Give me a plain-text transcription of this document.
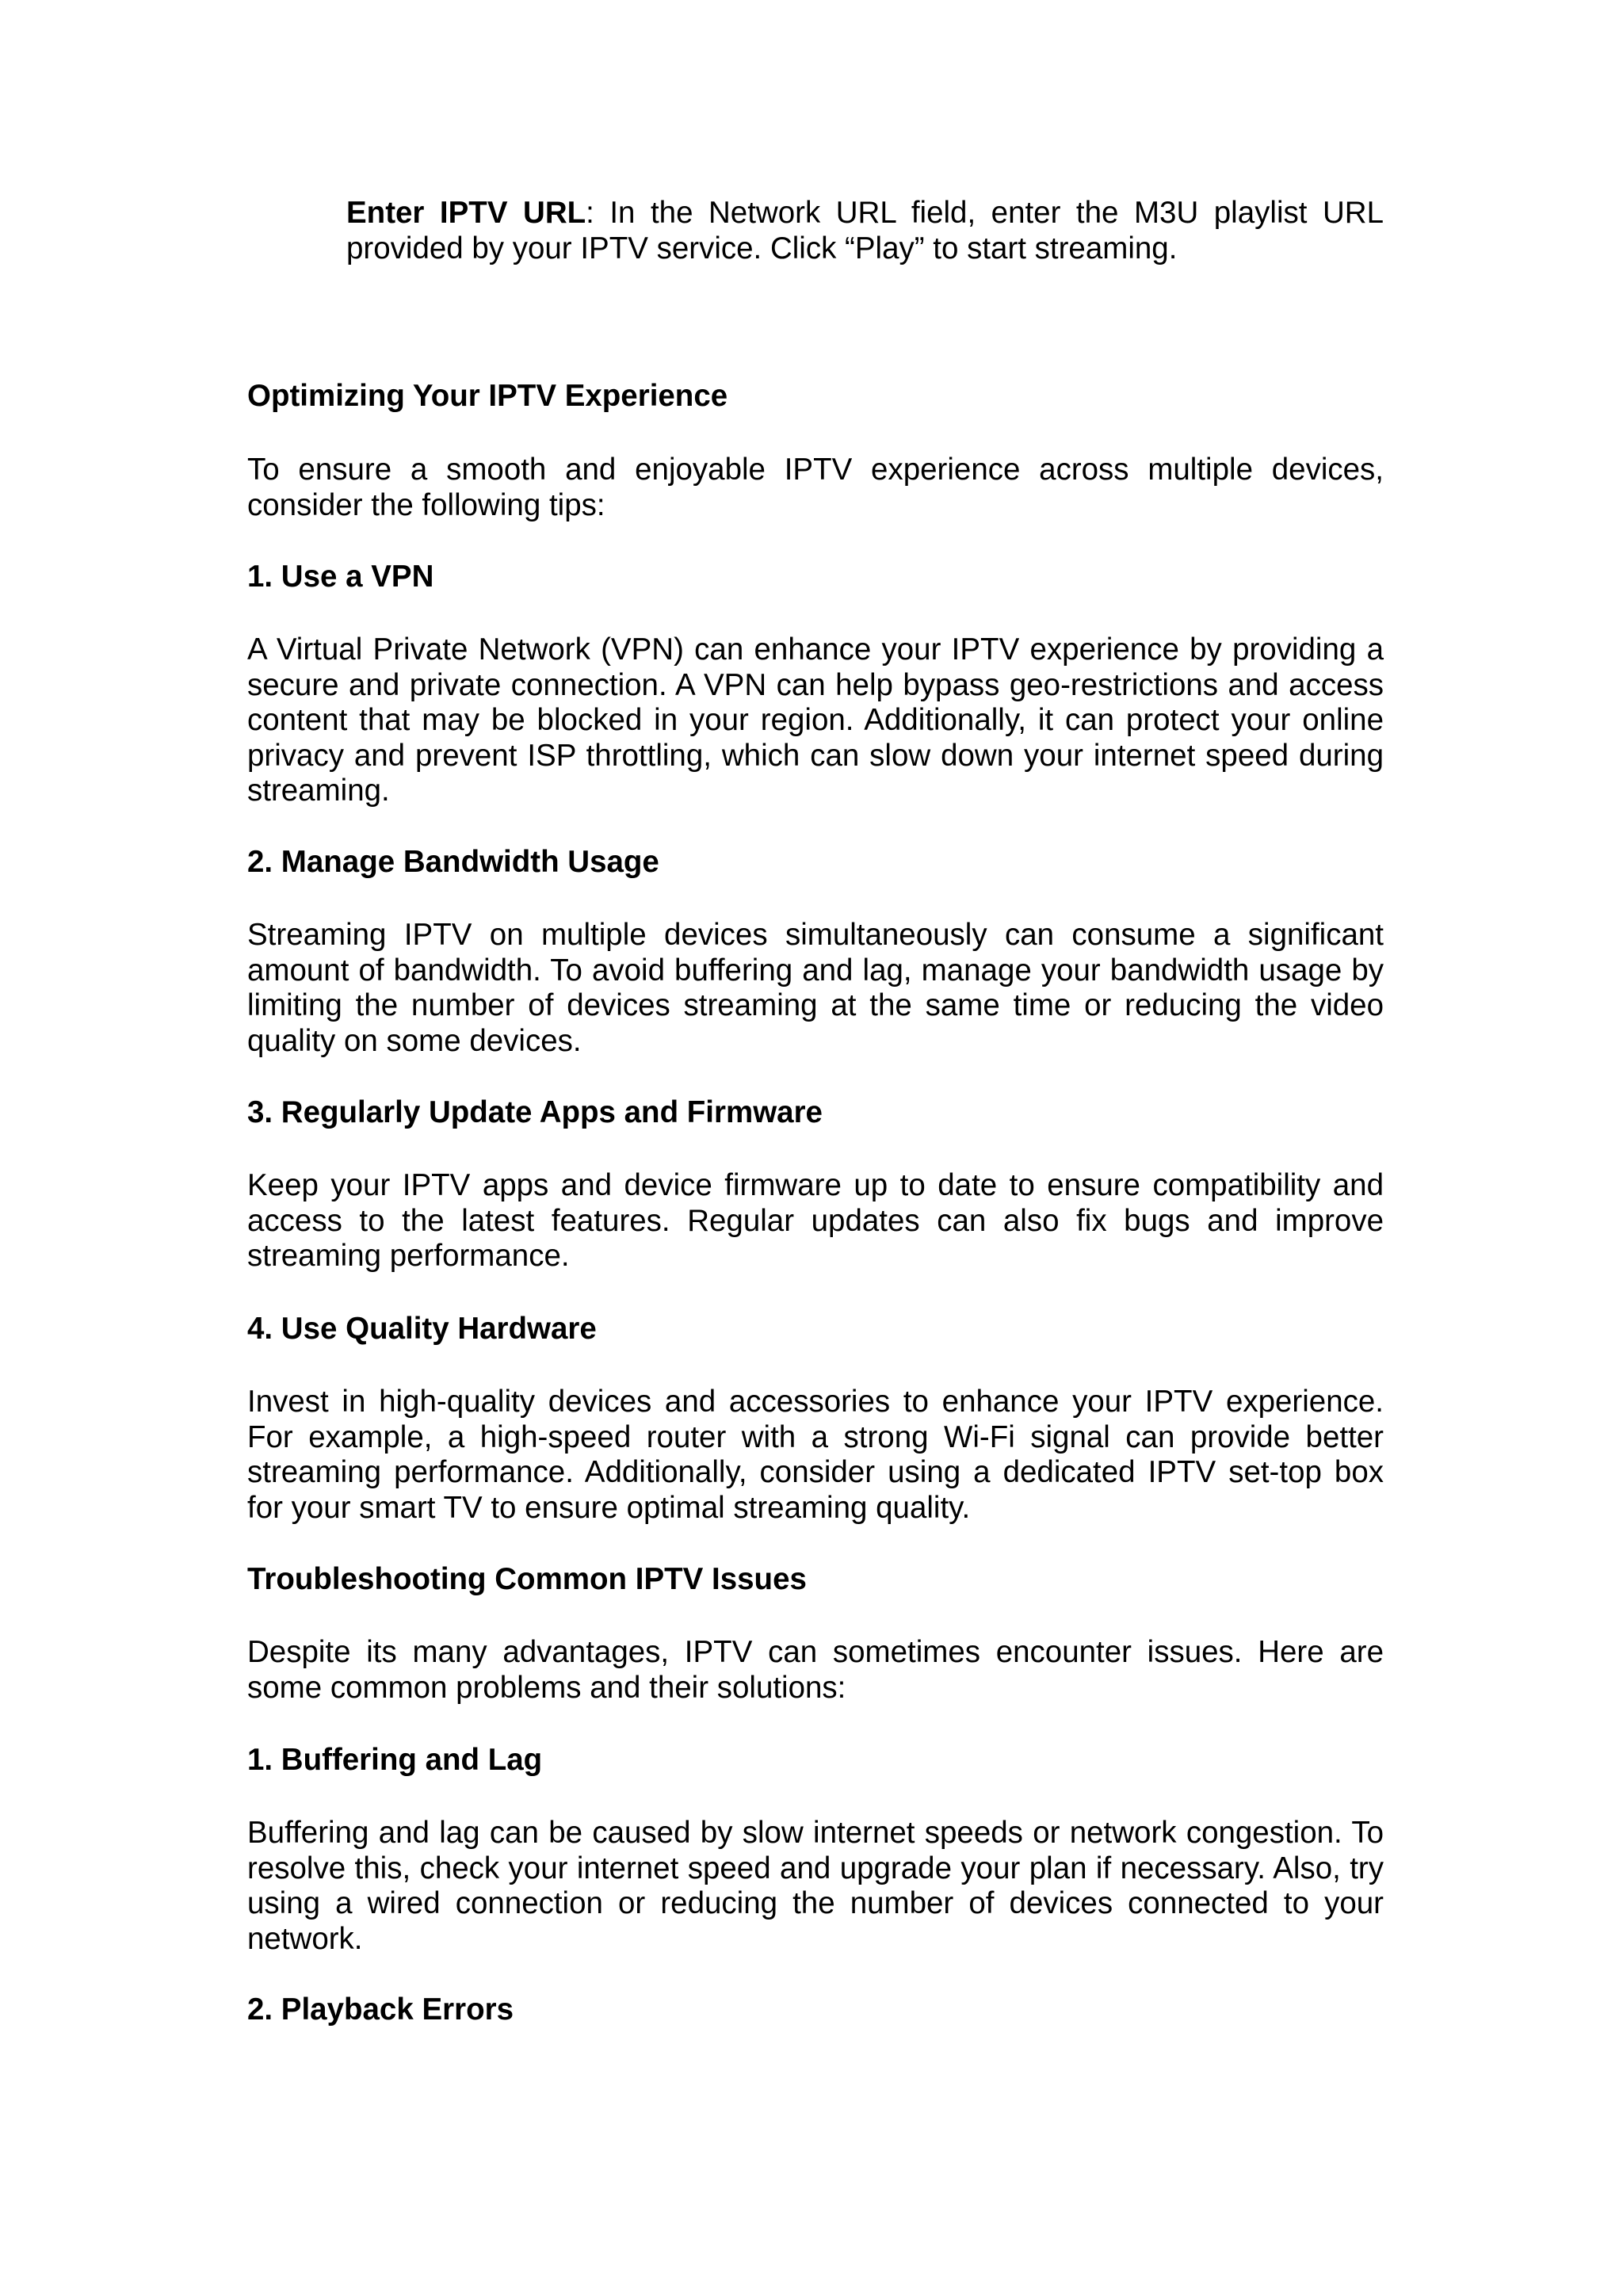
Enter IPTV URL: In the Network URL field, enter the M3U playlist URL provided by your IPTV service. Click “Play” to start streaming.

Optimizing Your IPTV Experience

To ensure a smooth and enjoyable IPTV experience across multiple devices, consider the following tips:

1. Use a VPN

A Virtual Private Network (VPN) can enhance your IPTV experience by providing a secure and private connection. A VPN can help bypass geo-restrictions and access content that may be blocked in your region. Additionally, it can protect your online privacy and prevent ISP throttling, which can slow down your internet speed during streaming.

2. Manage Bandwidth Usage

Streaming IPTV on multiple devices simultaneously can consume a significant amount of bandwidth. To avoid buffering and lag, manage your bandwidth usage by limiting the number of devices streaming at the same time or reducing the video quality on some devices.

3. Regularly Update Apps and Firmware

Keep your IPTV apps and device firmware up to date to ensure compatibility and access to the latest features. Regular updates can also fix bugs and improve streaming performance.

4. Use Quality Hardware

Invest in high-quality devices and accessories to enhance your IPTV experience. For example, a high-speed router with a strong Wi-Fi signal can provide better streaming performance. Additionally, consider using a dedicated IPTV set-top box for your smart TV to ensure optimal streaming quality.

Troubleshooting Common IPTV Issues

Despite its many advantages, IPTV can sometimes encounter issues. Here are some common problems and their solutions:

1. Buffering and Lag

Buffering and lag can be caused by slow internet speeds or network congestion. To resolve this, check your internet speed and upgrade your plan if necessary. Also, try using a wired connection or reducing the number of devices connected to your network.

2. Playback Errors
